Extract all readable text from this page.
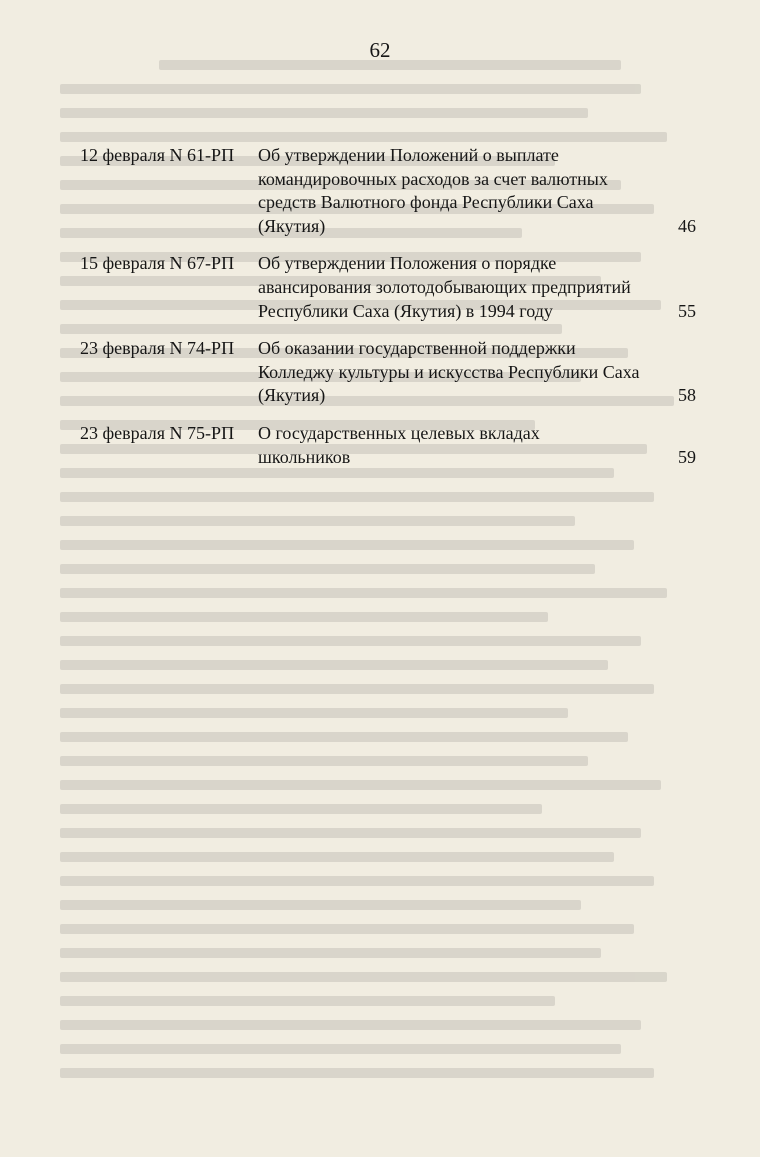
62
12 февраля N 61-РП	Об утверждении Положений о выплате
командировочных расходов за счет валютных
средств Валютного фонда Республики Саха
(Якутия)	46
15 февраля N 67-РП	Об утверждении Положения о порядке
авансирования золотодобывающих предприятий
Республики Саха (Якутия) в 1994 году	55
23 февраля N 74-РП	Об оказании государственной поддержки
Колледжу культуры и искусства Республики Саха
(Якутия)	58
23 февраля N 75-РП	О государственных целевых вкладах
школьников	59
